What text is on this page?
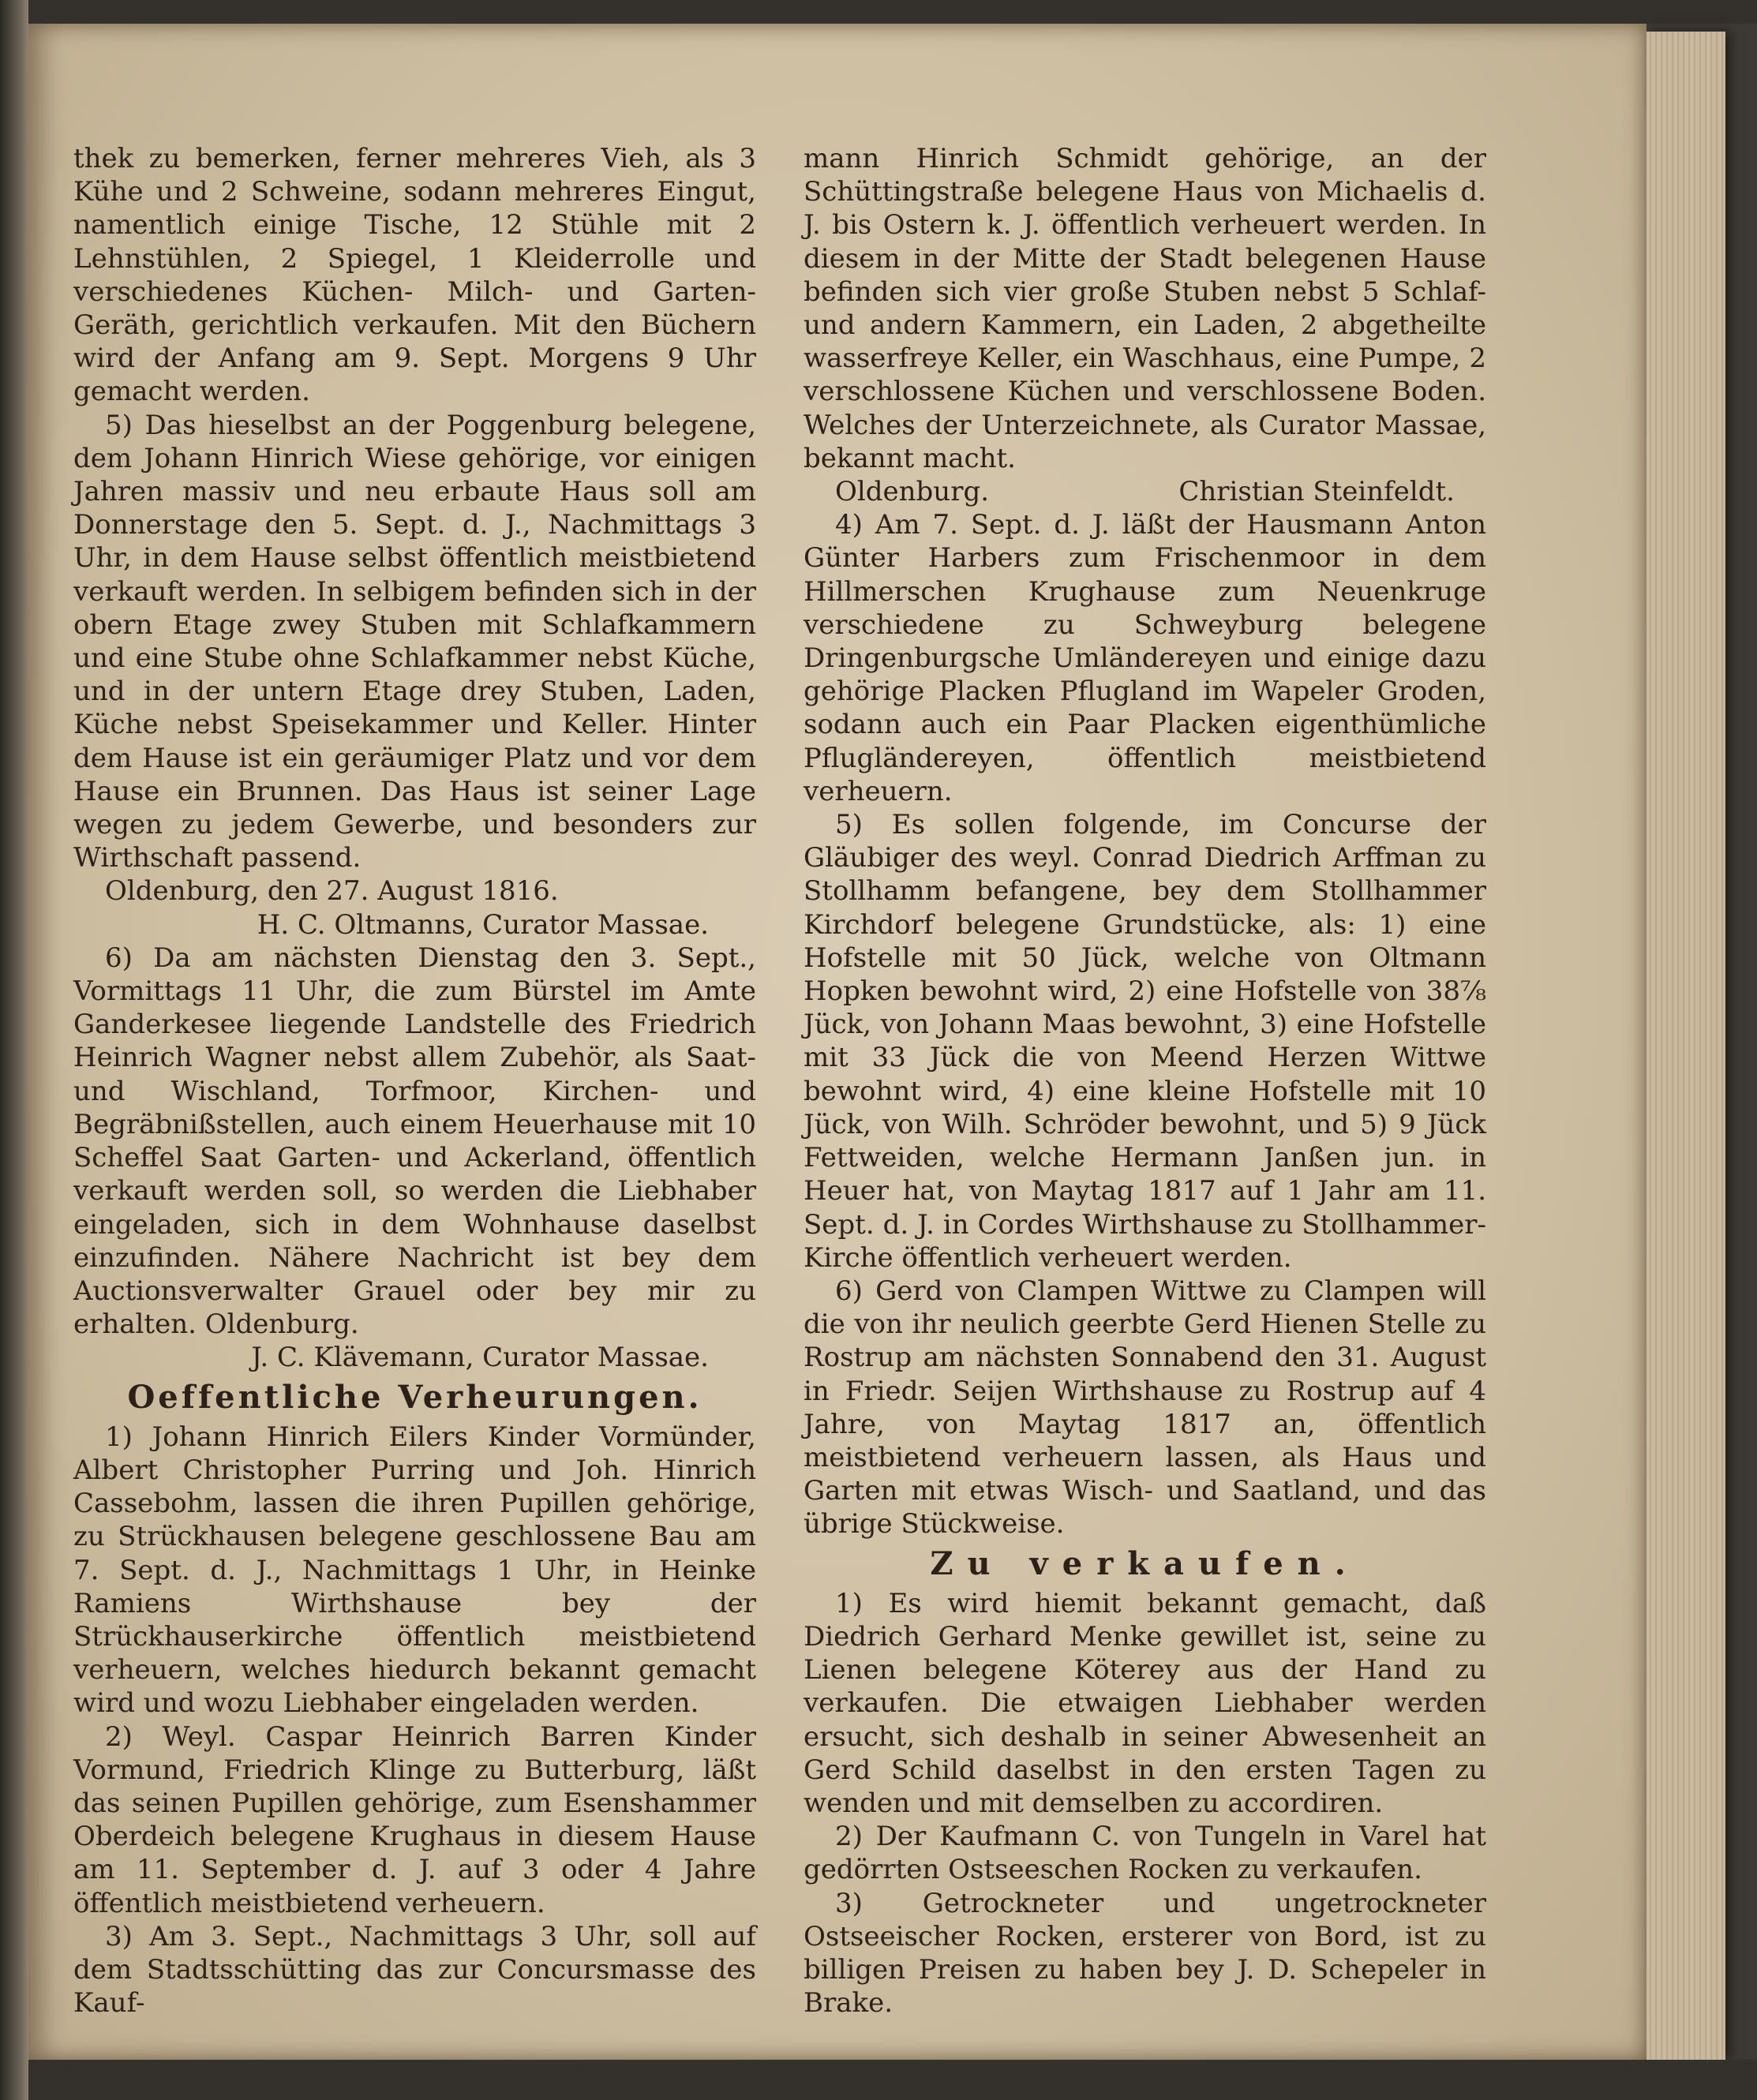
thek zu bemerken, ferner mehreres Vieh, als 3 Kühe und 2 Schweine, sodann mehreres Eingut, namentlich einige Tische, 12 Stühle mit 2 Lehnstühlen, 2 Spiegel, 1 Kleiderrolle und verschiedenes Küchen- Milch- und Garten-Geräth, gerichtlich verkaufen. Mit den Büchern wird der Anfang am 9. Sept. Morgens 9 Uhr gemacht werden.

5) Das hieselbst an der Poggenburg belegene, dem Johann Hinrich Wiese gehörige, vor einigen Jahren massiv und neu erbaute Haus soll am Donnerstage den 5. Sept. d. J., Nachmittags 3 Uhr, in dem Hause selbst öffentlich meistbietend verkauft werden. In selbigem befinden sich in der obern Etage zwey Stuben mit Schlafkammern und eine Stube ohne Schlafkammer nebst Küche, und in der untern Etage drey Stuben, Laden, Küche nebst Speisekammer und Keller. Hinter dem Hause ist ein geräumiger Platz und vor dem Hause ein Brunnen. Das Haus ist seiner Lage wegen zu jedem Gewerbe, und besonders zur Wirthschaft passend.

Oldenburg, den 27. August 1816.

H. C. Oltmanns, Curator Massae.

6) Da am nächsten Dienstag den 3. Sept., Vormittags 11 Uhr, die zum Bürstel im Amte Ganderkesee liegende Landstelle des Friedrich Heinrich Wagner nebst allem Zubehör, als Saat- und Wischland, Torfmoor, Kirchen- und Begräbnißstellen, auch einem Heuerhause mit 10 Scheffel Saat Garten- und Ackerland, öffentlich verkauft werden soll, so werden die Liebhaber eingeladen, sich in dem Wohnhause daselbst einzufinden. Nähere Nachricht ist bey dem Auctionsverwalter Grauel oder bey mir zu erhalten. Oldenburg.

J. C. Klävemann, Curator Massae.

Oeffentliche Verheurungen.

1) Johann Hinrich Eilers Kinder Vormünder, Albert Christopher Purring und Joh. Hinrich Cassebohm, lassen die ihren Pupillen gehörige, zu Strückhausen belegene geschlossene Bau am 7. Sept. d. J., Nachmittags 1 Uhr, in Heinke Ramiens Wirthshause bey der Strückhauserkirche öffentlich meistbietend verheuern, welches hiedurch bekannt gemacht wird und wozu Liebhaber eingeladen werden.

2) Weyl. Caspar Heinrich Barren Kinder Vormund, Friedrich Klinge zu Butterburg, läßt das seinen Pupillen gehörige, zum Esenshammer Oberdeich belegene Krughaus in diesem Hause am 11. September d. J. auf 3 oder 4 Jahre öffentlich meistbietend verheuern.

3) Am 3. Sept., Nachmittags 3 Uhr, soll auf dem Stadtsschütting das zur Concursmasse des Kauf-

mann Hinrich Schmidt gehörige, an der Schüttingstraße belegene Haus von Michaelis d. J. bis Ostern k. J. öffentlich verheuert werden. In diesem in der Mitte der Stadt belegenen Hause befinden sich vier große Stuben nebst 5 Schlaf- und andern Kammern, ein Laden, 2 abgetheilte wasserfreye Keller, ein Waschhaus, eine Pumpe, 2 verschlossene Küchen und verschlossene Boden. Welches der Unterzeichnete, als Curator Massae, bekannt macht.

Oldenburg.	Christian Steinfeldt.

4) Am 7. Sept. d. J. läßt der Hausmann Anton Günter Harbers zum Frischenmoor in dem Hillmerschen Krughause zum Neuenkruge verschiedene zu Schweyburg belegene Dringenburgsche Umländereyen und einige dazu gehörige Placken Pflugland im Wapeler Groden, sodann auch ein Paar Placken eigenthümliche Pflugländereyen, öffentlich meistbietend verheuern.

5) Es sollen folgende, im Concurse der Gläubiger des weyl. Conrad Diedrich Arffman zu Stollhamm befangene, bey dem Stollhammer Kirchdorf belegene Grundstücke, als: 1) eine Hofstelle mit 50 Jück, welche von Oltmann Hopken bewohnt wird, 2) eine Hofstelle von 38⅞ Jück, von Johann Maas bewohnt, 3) eine Hofstelle mit 33 Jück die von Meend Herzen Wittwe bewohnt wird, 4) eine kleine Hofstelle mit 10 Jück, von Wilh. Schröder bewohnt, und 5) 9 Jück Fettweiden, welche Hermann Janßen jun. in Heuer hat, von Maytag 1817 auf 1 Jahr am 11. Sept. d. J. in Cordes Wirthshause zu Stollhammer-Kirche öffentlich verheuert werden.

6) Gerd von Clampen Wittwe zu Clampen will die von ihr neulich geerbte Gerd Hienen Stelle zu Rostrup am nächsten Sonnabend den 31. August in Friedr. Seijen Wirthshause zu Rostrup auf 4 Jahre, von Maytag 1817 an, öffentlich meistbietend verheuern lassen, als Haus und Garten mit etwas Wisch- und Saatland, und das übrige Stückweise.

Zu verkaufen.

1) Es wird hiemit bekannt gemacht, daß Diedrich Gerhard Menke gewillet ist, seine zu Lienen belegene Köterey aus der Hand zu verkaufen. Die etwaigen Liebhaber werden ersucht, sich deshalb in seiner Abwesenheit an Gerd Schild daselbst in den ersten Tagen zu wenden und mit demselben zu accordiren.

2) Der Kaufmann C. von Tungeln in Varel hat gedörrten Ostseeschen Rocken zu verkaufen.

3) Getrockneter und ungetrockneter Ostseeischer Rocken, ersterer von Bord, ist zu billigen Preisen zu haben bey J. D. Schepeler in Brake.
